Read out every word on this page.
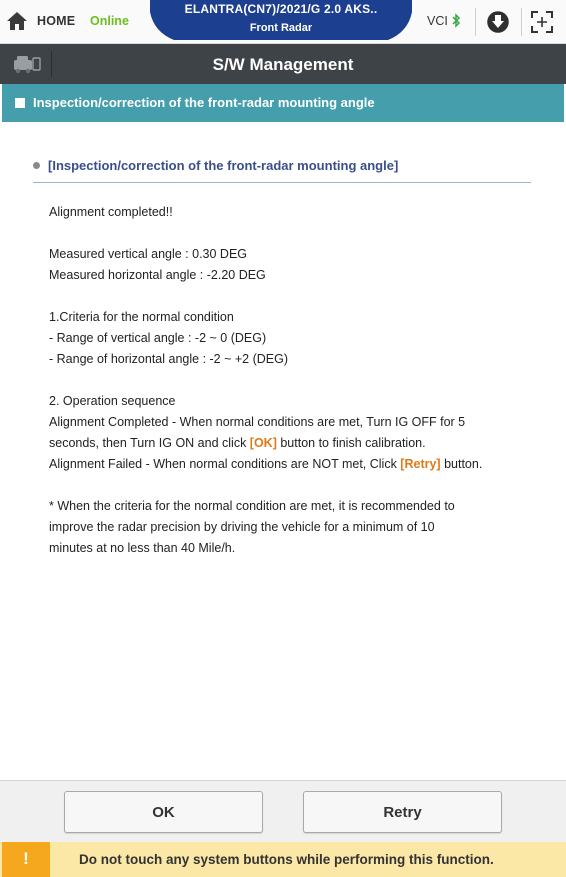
HOME Online
ELANTRA(CN7)/2021/G 2.0 AKS..
Front Radar
VCI
S/W Management
Inspection/correction of the front-radar mounting angle
[Inspection/correction of the front-radar mounting angle]

Alignment completed!!

Measured vertical angle : 0.30 DEG

Measured horizontal angle : -2.20 DEG

1.Criteria for the normal condition

- Range of vertical angle : -2 ~ 0 (DEG)

- Range of horizontal angle : -2 ~ +2 (DEG)

2. Operation sequence

Alignment Completed - When normal conditions are met, Turn IG OFF for 5

seconds, then Turn IG ON and click [OK] button to finish calibration.

Alignment Failed - When normal conditions are NOT met, Click [Retry] button.

* When the criteria for the normal condition are met, it is recommended to

improve the radar precision by driving the vehicle for a minimum of 10

minutes at no less than 40 Mile/h.

OK	Retry
!	Do not touch any system buttons while performing this function.
